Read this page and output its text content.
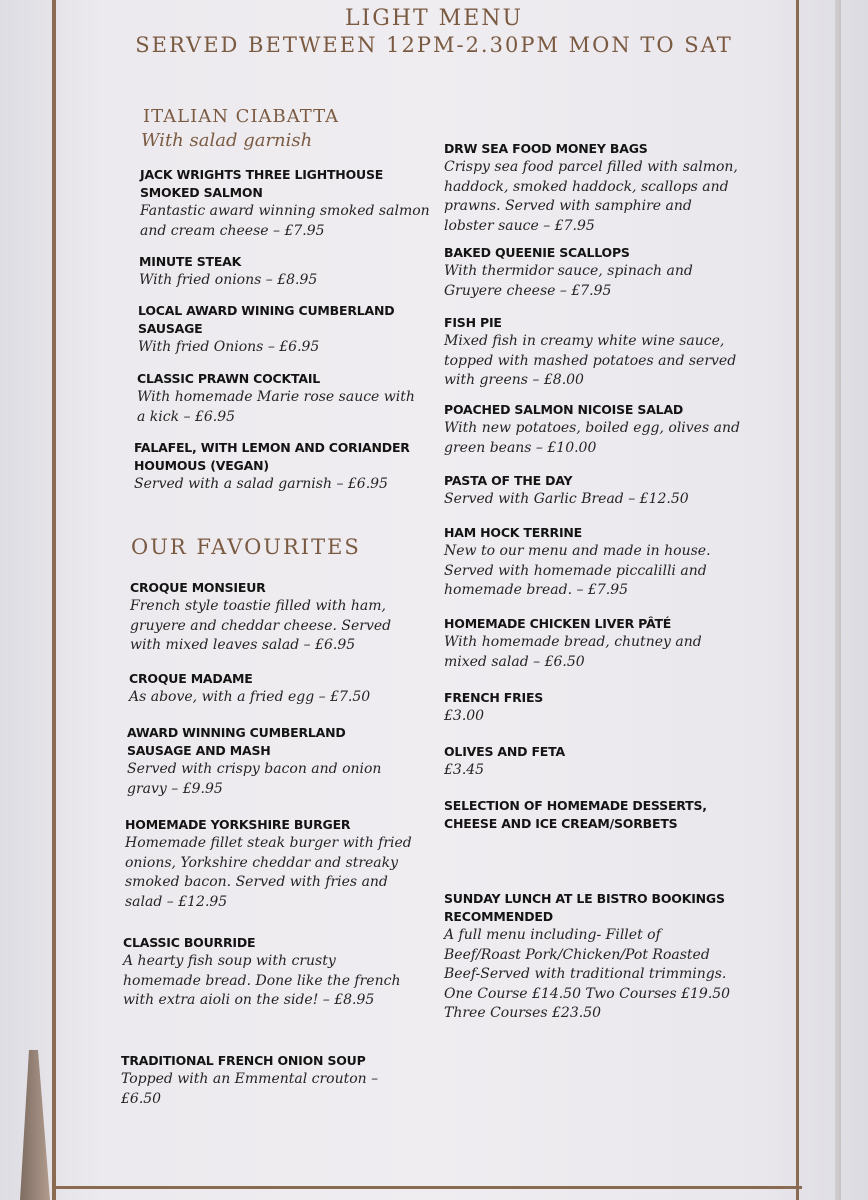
LIGHT MENU
SERVED BETWEEN 12PM-2.30PM MON TO SAT
ITALIAN CIABATTA
With salad garnish
OUR FAVOURITES
JACK WRIGHTS THREE LIGHTHOUSE SMOKED SALMON
Fantastic award winning smoked salmon and cream cheese – £7.95
MINUTE STEAK
With fried onions – £8.95
LOCAL AWARD WINING CUMBERLAND SAUSAGE
With fried Onions – £6.95
CLASSIC PRAWN COCKTAIL
With homemade Marie rose sauce with a kick – £6.95
FALAFEL, WITH LEMON AND CORIANDER HOUMOUS (VEGAN)
Served with a salad garnish – £6.95
CROQUE MONSIEUR
French style toastie filled with ham, gruyere and cheddar cheese. Served with mixed leaves salad – £6.95
CROQUE MADAME
As above, with a fried egg – £7.50
AWARD WINNING CUMBERLAND SAUSAGE AND MASH
Served with crispy bacon and onion gravy – £9.95
HOMEMADE YORKSHIRE BURGER
Homemade fillet steak burger with fried onions, Yorkshire cheddar and streaky smoked bacon. Served with fries and salad – £12.95
CLASSIC BOURRIDE
A hearty fish soup with crusty homemade bread. Done like the french with extra aioli on the side! – £8.95
TRADITIONAL FRENCH ONION SOUP
Topped with an Emmental crouton – £6.50
DRW SEA FOOD MONEY BAGS
Crispy sea food parcel filled with salmon, haddock, smoked haddock, scallops and prawns. Served with samphire and lobster sauce – £7.95
BAKED QUEENIE SCALLOPS
With thermidor sauce, spinach and Gruyere cheese – £7.95
FISH PIE
Mixed fish in creamy white wine sauce, topped with mashed potatoes and served with greens – £8.00
POACHED SALMON NICOISE SALAD
With new potatoes, boiled egg, olives and green beans – £10.00
PASTA OF THE DAY
Served with Garlic Bread – £12.50
HAM HOCK TERRINE
New to our menu and made in house. Served with homemade piccalilli and homemade bread. – £7.95
HOMEMADE CHICKEN LIVER PÂTÉ
With homemade bread, chutney and mixed salad – £6.50
FRENCH FRIES
£3.00
OLIVES AND FETA
£3.45
SELECTION OF HOMEMADE DESSERTS, CHEESE AND ICE CREAM/SORBETS
SUNDAY LUNCH AT LE BISTRO BOOKINGS RECOMMENDED
A full menu including- Fillet of Beef/Roast Pork/Chicken/Pot Roasted Beef-Served with traditional trimmings. One Course £14.50 Two Courses £19.50 Three Courses £23.50
